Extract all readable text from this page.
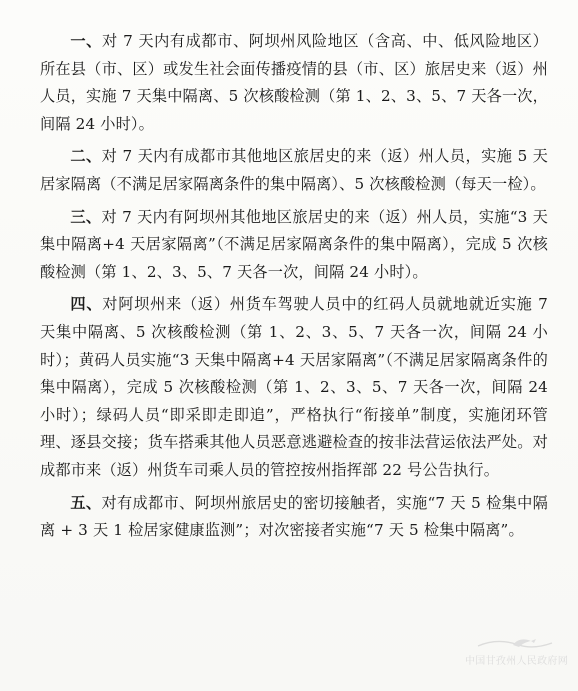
一、对 7 天内有成都市、阿坝州风险地区（含高、中、低风险地区）所在县（市、区）或发生社会面传播疫情的县（市、区）旅居史来（返）州人员，实施 7 天集中隔离、5 次核酸检测（第 1、2、3、5、7 天各一次，间隔 24 小时）。

二、对 7 天内有成都市其他地区旅居史的来（返）州人员，实施 5 天居家隔离（不满足居家隔离条件的集中隔离）、5 次核酸检测（每天一检）。

三、对 7 天内有阿坝州其他地区旅居史的来（返）州人员，实施“3 天集中隔离+4 天居家隔离”（不满足居家隔离条件的集中隔离），完成 5 次核酸检测（第 1、2、3、5、7 天各一次，间隔 24 小时）。

四、对阿坝州来（返）州货车驾驶人员中的红码人员就地就近实施 7 天集中隔离、5 次核酸检测（第 1、2、3、5、7 天各一次，间隔 24 小时）；黄码人员实施“3 天集中隔离+4 天居家隔离”（不满足居家隔离条件的集中隔离），完成 5 次核酸检测（第 1、2、3、5、7 天各一次，间隔 24 小时）；绿码人员“即采即走即追”，严格执行“衔接单”制度，实施闭环管理、逐县交接；货车搭乘其他人员恶意逃避检查的按非法营运依法严处。对成都市来（返）州货车司乘人员的管控按州指挥部 22 号公告执行。

五、对有成都市、阿坝州旅居史的密切接触者，实施“7 天 5 检集中隔离 + 3 天 1 检居家健康监测”；对次密接者实施“7 天 5 检集中隔离”。

中国甘孜州人民政府网
